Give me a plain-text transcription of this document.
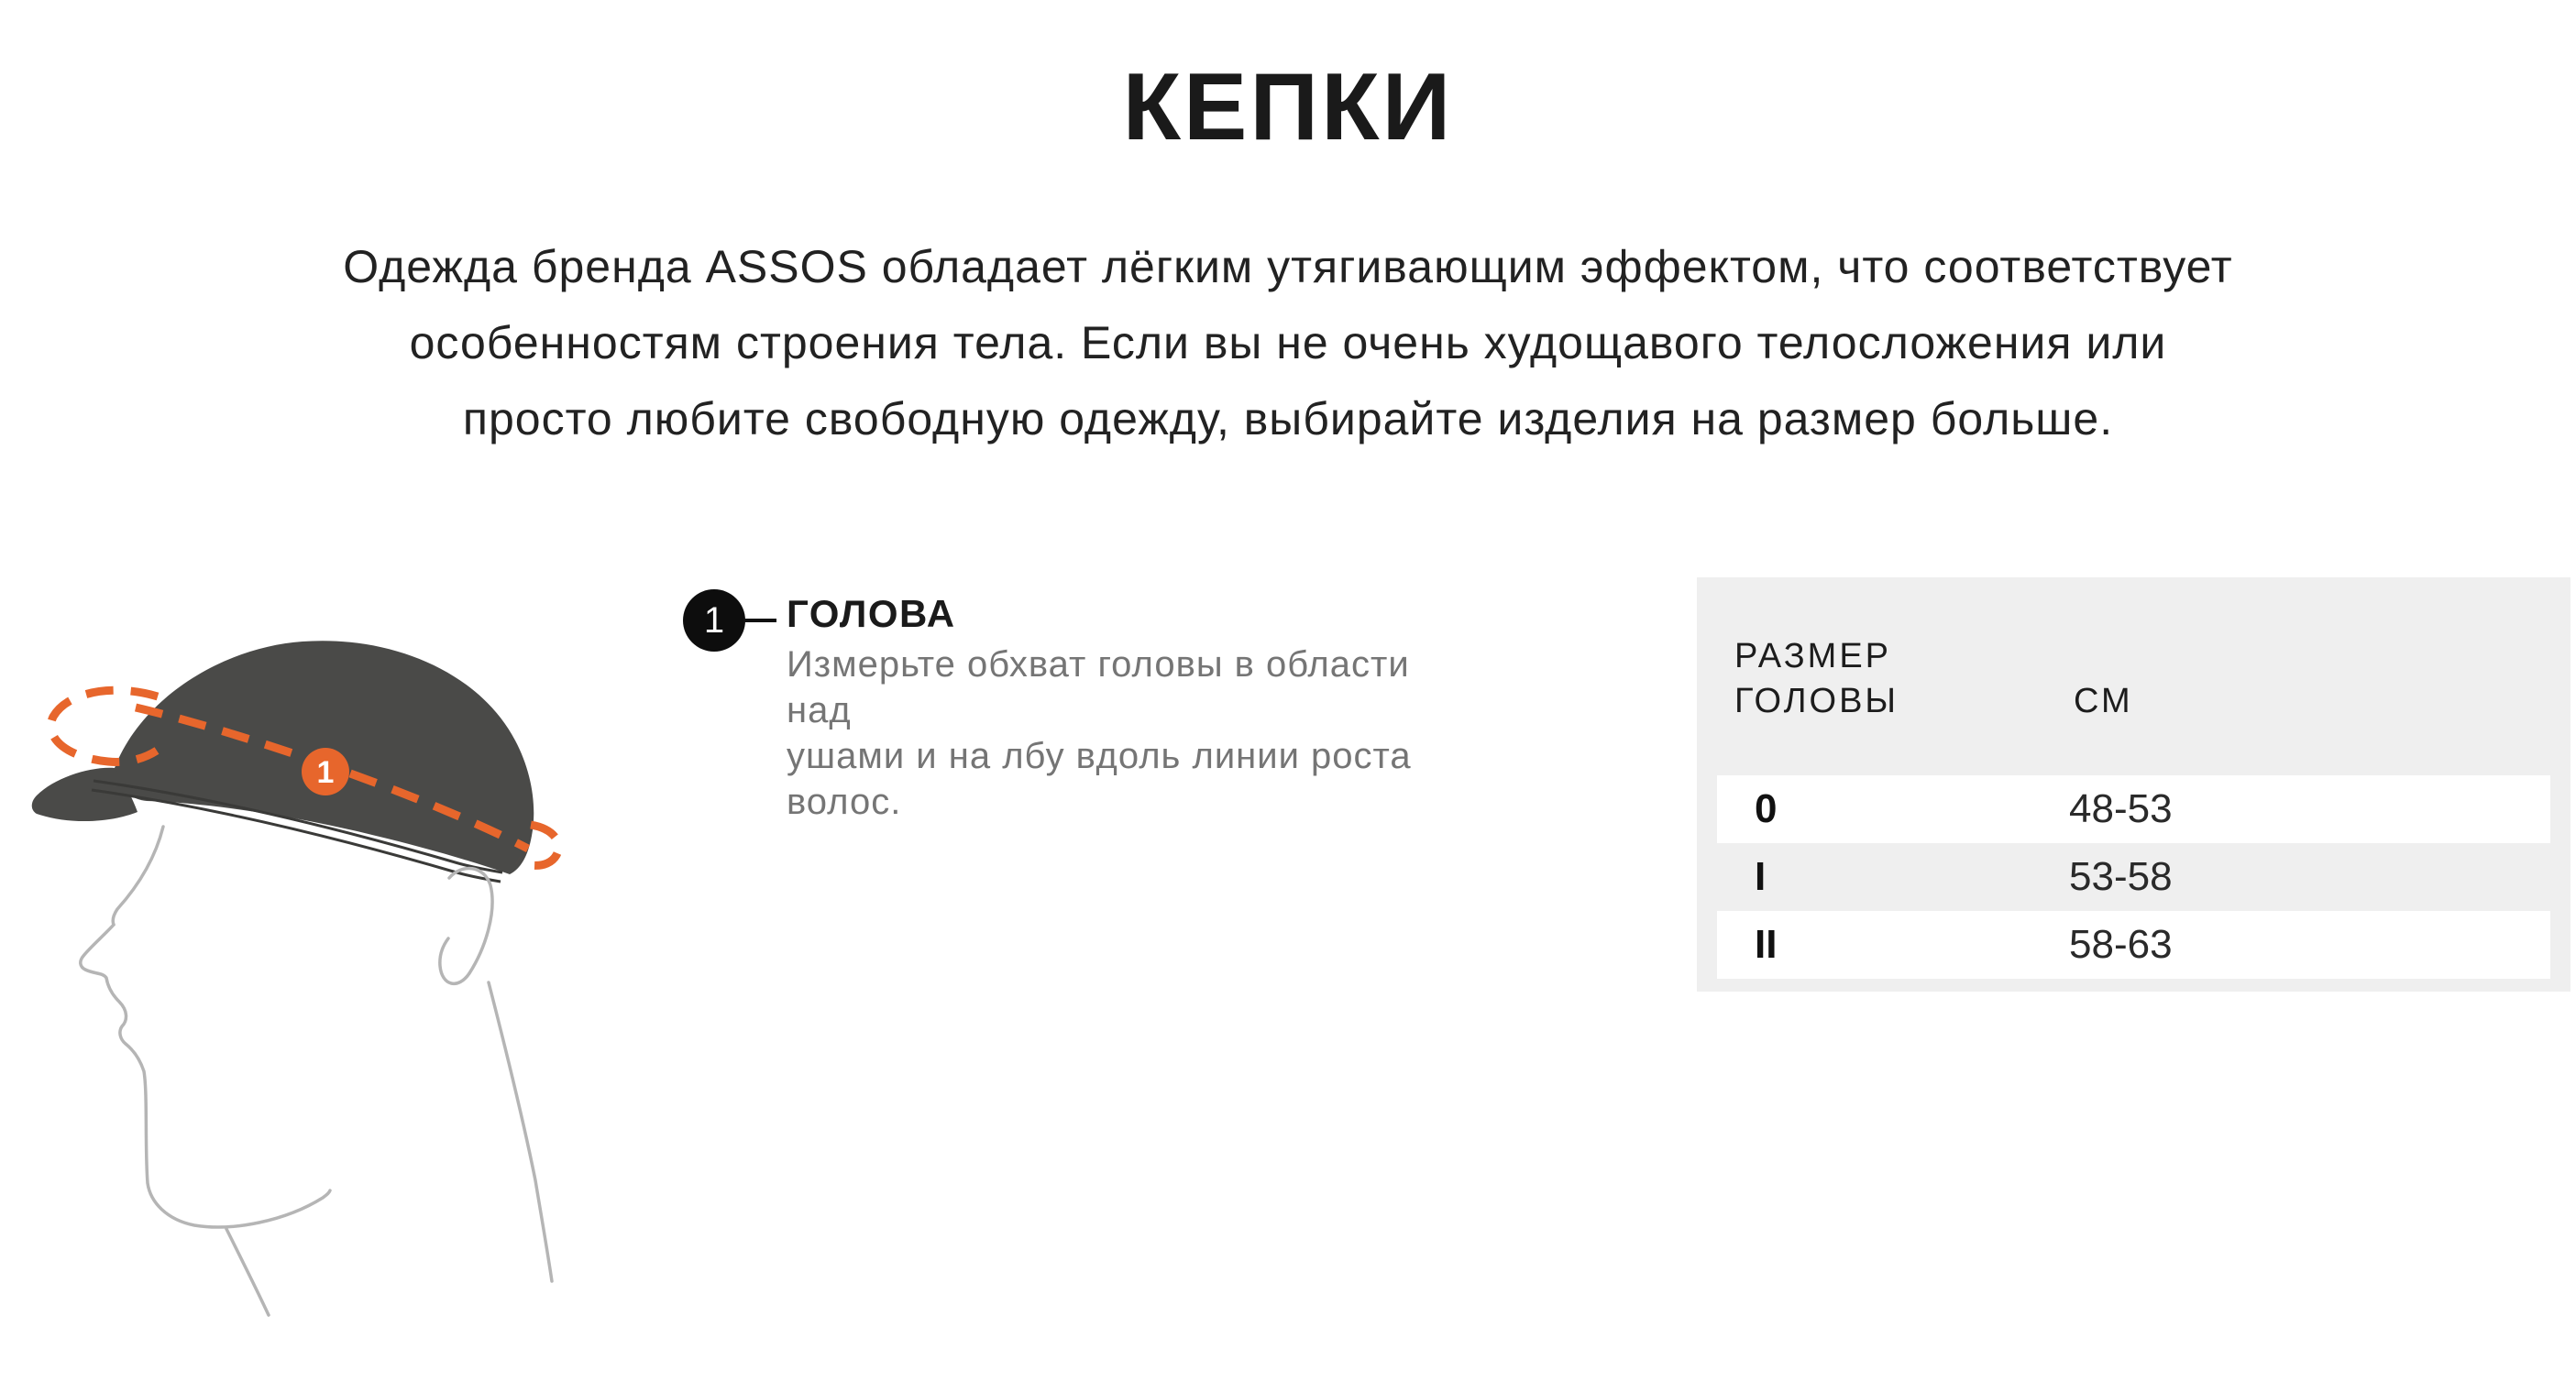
КЕПКИ
Одежда бренда ASSOS обладает лёгким утягивающим эффектом, что соответствует
особенностям строения тела. Если вы не очень худощавого телосложения или
просто любите свободную одежду, выбирайте изделия на размер больше.
1
1 ГОЛОВА
Измерьте обхват головы в области над
ушами и на лбу вдоль линии роста
волос.
РАЗМЕР
ГОЛОВЫ	СМ
0	48-53
I	53-58
II	58-63
